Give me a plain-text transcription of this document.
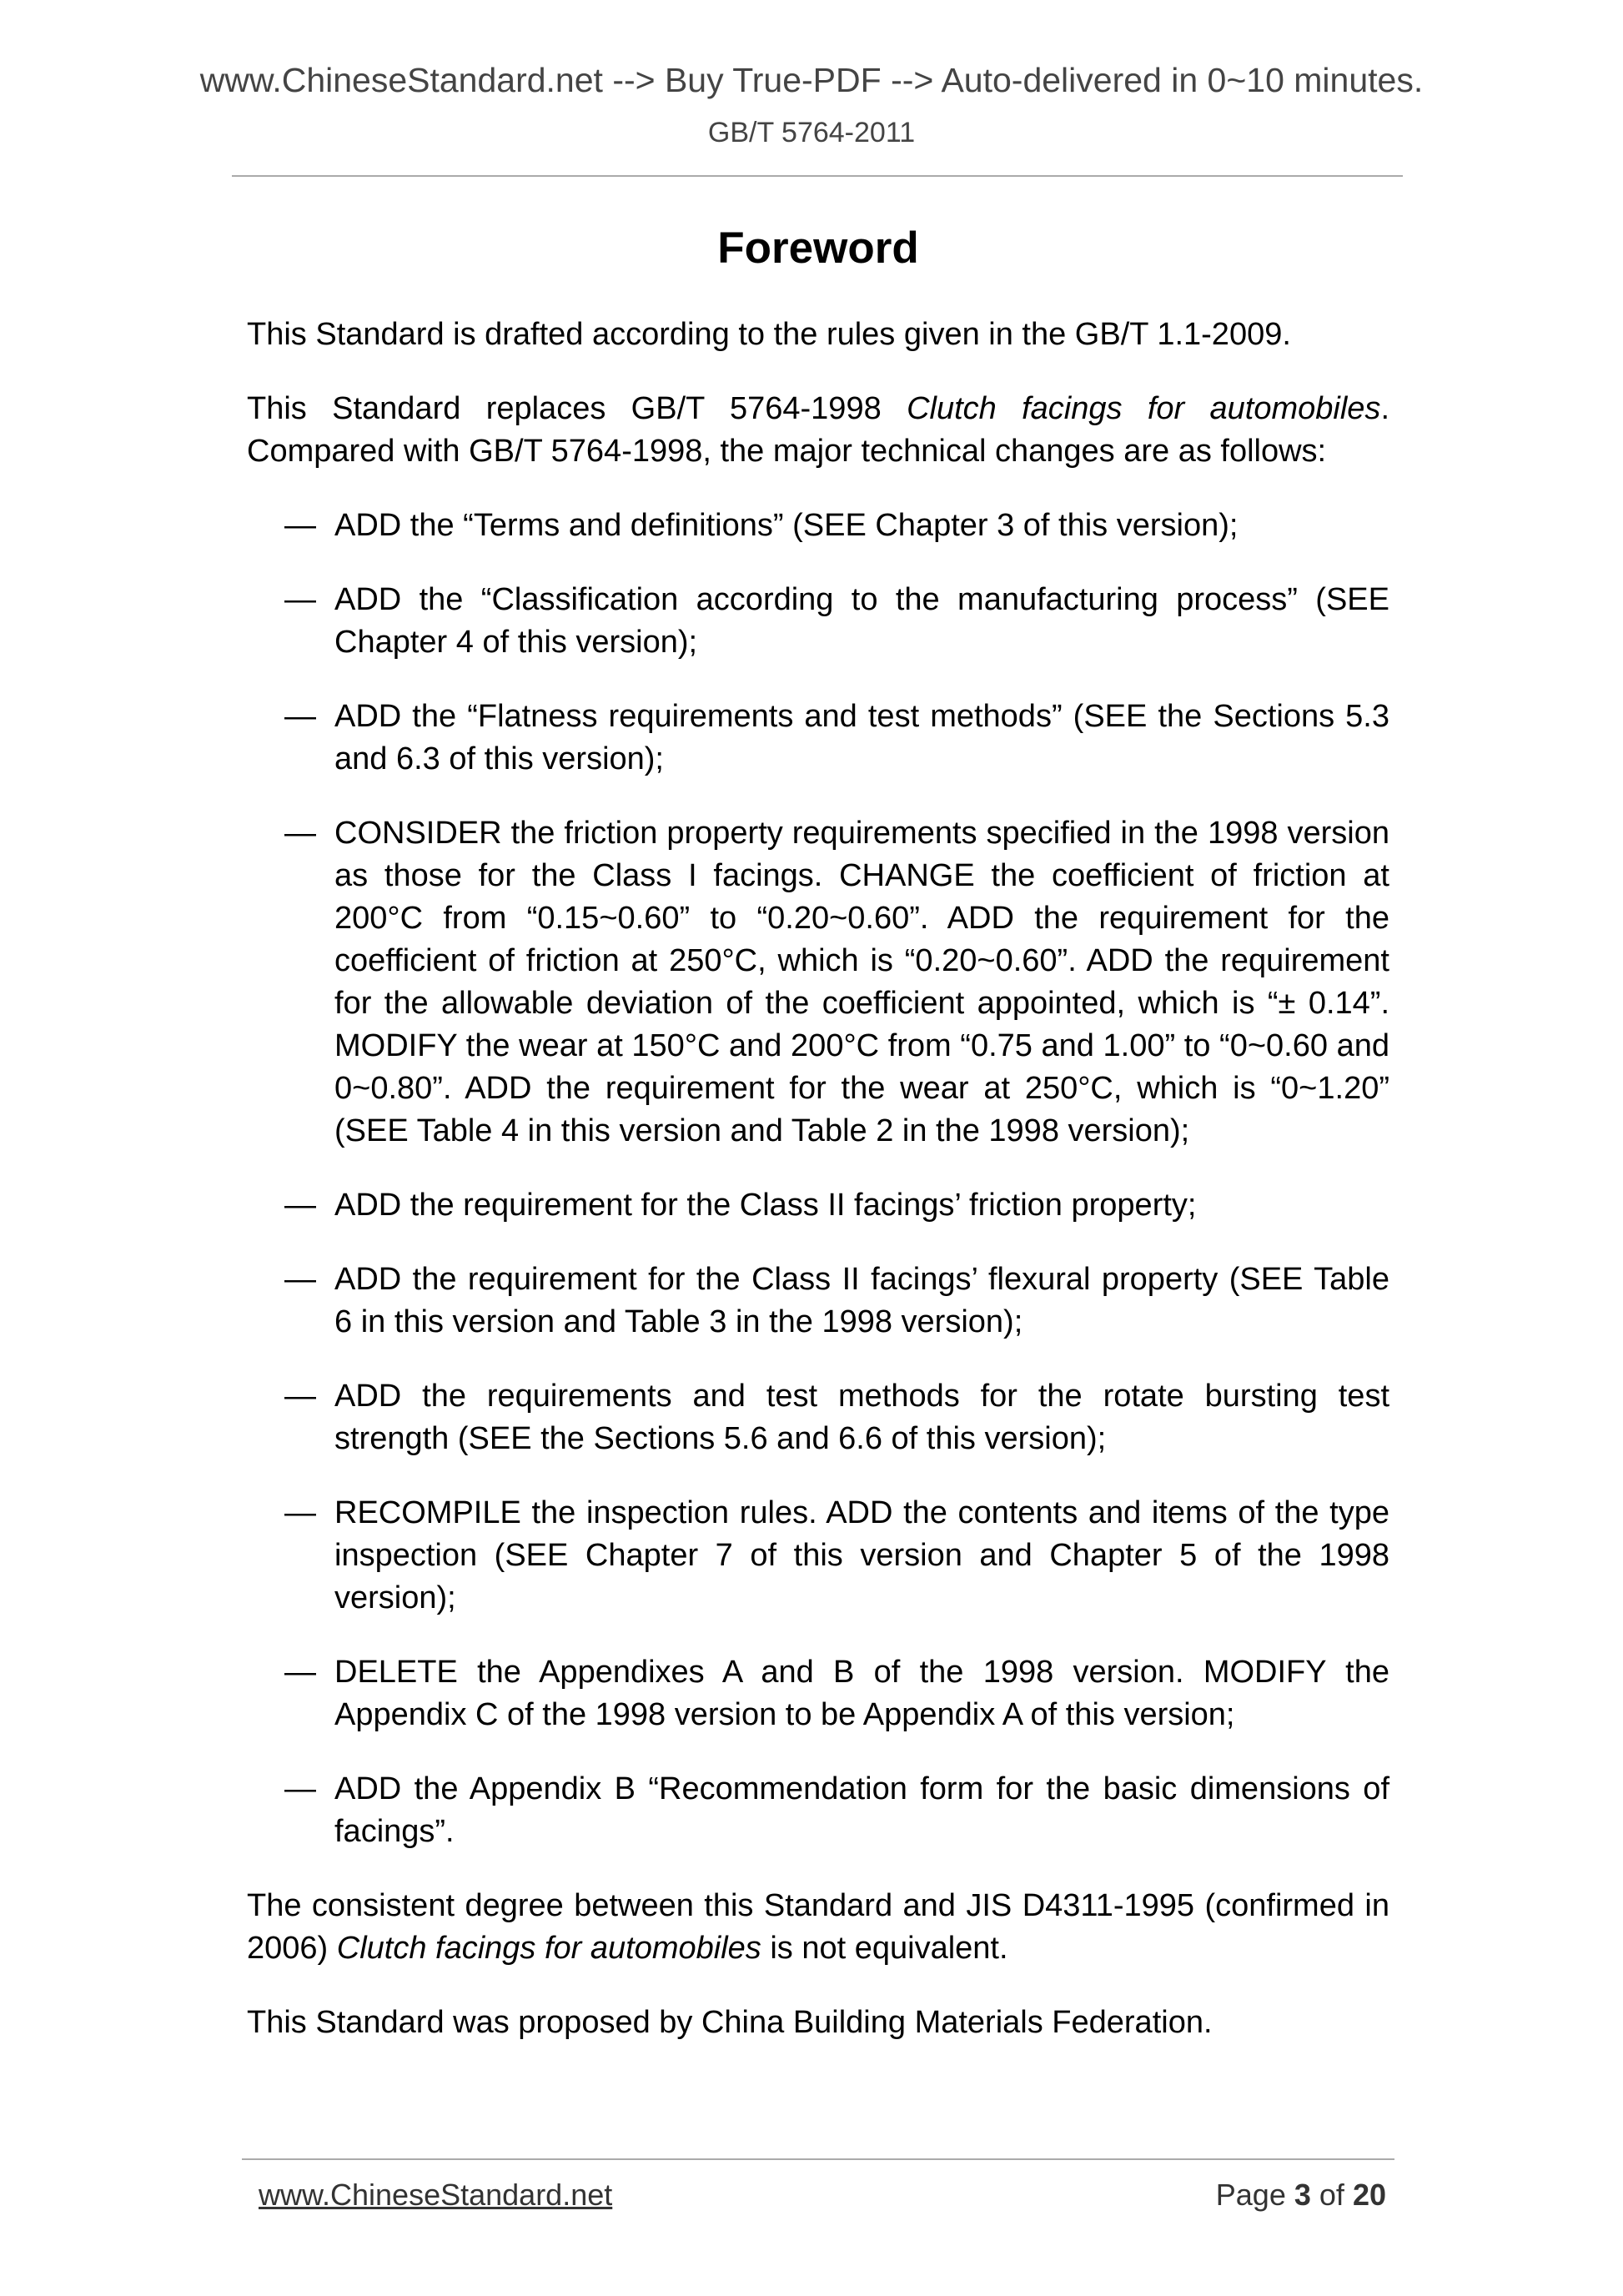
www.ChineseStandard.net --> Buy True-PDF --> Auto-delivered in 0~10 minutes.
GB/T 5764-2011
Foreword

This Standard is drafted according to the rules given in the GB/T 1.1-2009.

This Standard replaces GB/T 5764-1998 Clutch facings for automobiles. Compared with GB/T 5764-1998, the major technical changes are as follows:

— ADD the “Terms and definitions” (SEE Chapter 3 of this version);
— ADD the “Classification according to the manufacturing process” (SEE Chapter 4 of this version);
— ADD the “Flatness requirements and test methods” (SEE the Sections 5.3 and 6.3 of this version);
— CONSIDER the friction property requirements specified in the 1998 version as those for the Class I facings. CHANGE the coefficient of friction at 200°C from “0.15~0.60” to “0.20~0.60”. ADD the requirement for the coefficient of friction at 250°C, which is “0.20~0.60”. ADD the requirement for the allowable deviation of the coefficient appointed, which is “± 0.14”. MODIFY the wear at 150°C and 200°C from “0.75 and 1.00” to “0~0.60 and 0~0.80”. ADD the requirement for the wear at 250°C, which is “0~1.20” (SEE Table 4 in this version and Table 2 in the 1998 version);
— ADD the requirement for the Class II facings’ friction property;
— ADD the requirement for the Class II facings’ flexural property (SEE Table 6 in this version and Table 3 in the 1998 version);
— ADD the requirements and test methods for the rotate bursting test strength (SEE the Sections 5.6 and 6.6 of this version);
— RECOMPILE the inspection rules. ADD the contents and items of the type inspection (SEE Chapter 7 of this version and Chapter 5 of the 1998 version);
— DELETE the Appendixes A and B of the 1998 version. MODIFY the Appendix C of the 1998 version to be Appendix A of this version;
— ADD the Appendix B “Recommendation form for the basic dimensions of facings”.

The consistent degree between this Standard and JIS D4311-1995 (confirmed in 2006) Clutch facings for automobiles is not equivalent.

This Standard was proposed by China Building Materials Federation.

www.ChineseStandard.net	Page 3 of 20
